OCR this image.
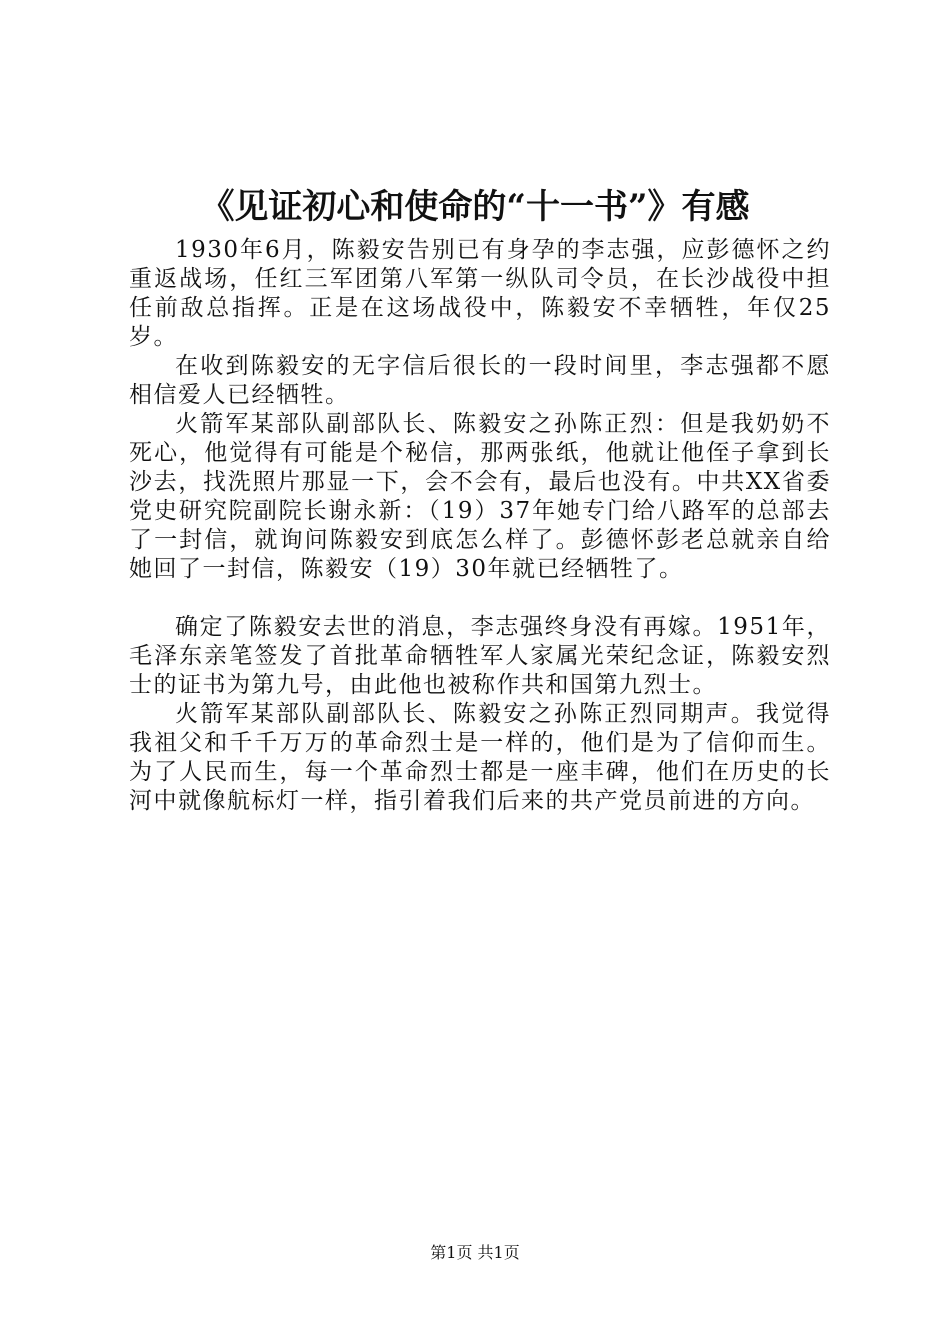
《见证初心和使命的“十一书”》有感

1930年6月，陈毅安告别已有身孕的李志强，应彭德怀之约重返战场，任红三军团第八军第一纵队司令员，在长沙战役中担任前敌总指挥。正是在这场战役中，陈毅安不幸牺牲，年仅25岁。

在收到陈毅安的无字信后很长的一段时间里，李志强都不愿相信爱人已经牺牲。

火箭军某部队副部队长、陈毅安之孙陈正烈：但是我奶奶不死心，他觉得有可能是个秘信，那两张纸，他就让他侄子拿到长沙去，找洗照片那显一下，会不会有，最后也没有。中共XX省委党史研究院副院长谢永新：（19）37年她专门给八路军的总部去了一封信，就询问陈毅安到底怎么样了。彭德怀彭老总就亲自给她回了一封信，陈毅安（19）30年就已经牺牲了。

确定了陈毅安去世的消息，李志强终身没有再嫁。1951年，毛泽东亲笔签发了首批革命牺牲军人家属光荣纪念证，陈毅安烈士的证书为第九号，由此他也被称作共和国第九烈士。

火箭军某部队副部队长、陈毅安之孙陈正烈同期声。我觉得我祖父和千千万万的革命烈士是一样的，他们是为了信仰而生。为了人民而生，每一个革命烈士都是一座丰碑，他们在历史的长河中就像航标灯一样，指引着我们后来的共产党员前进的方向。

第1页 共1页
